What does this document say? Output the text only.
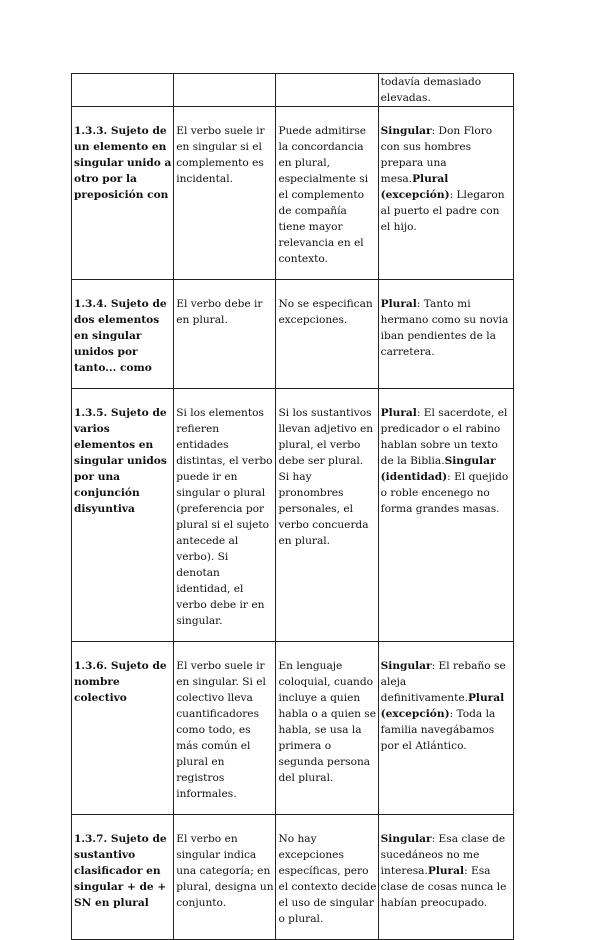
			todavía demasiado elevadas.
1.3.3. Sujeto de un elemento en singular unido a otro por la preposición con	El verbo suele ir en singular si el complemento es incidental.	Puede admitirse la concordancia en plural, especialmente si el complemento de compañía tiene mayor relevancia en el contexto.	Singular: Don Floro con sus hombres prepara una mesa.Plural (excepción): Llegaron al puerto el padre con el hijo.
1.3.4. Sujeto de dos elementos en singular unidos por tanto... como	El verbo debe ir en plural.	No se especifican excepciones.	Plural: Tanto mi hermano como su novia iban pendientes de la carretera.
1.3.5. Sujeto de varios elementos en singular unidos por una conjunción disyuntiva	Si los elementos refieren entidades distintas, el verbo puede ir en singular o plural (preferencia por plural si el sujeto antecede al verbo). Si denotan identidad, el verbo debe ir en singular.	Si los sustantivos llevan adjetivo en plural, el verbo debe ser plural. Si hay pronombres personales, el verbo concuerda en plural.	Plural: El sacerdote, el predicador o el rabino hablan sobre un texto de la Biblia.Singular (identidad): El quejido o roble encenego no forma grandes masas.
1.3.6. Sujeto de nombre colectivo	El verbo suele ir en singular. Si el colectivo lleva cuantificadores como todo, es más común el plural en registros informales.	En lenguaje coloquial, cuando incluye a quien habla o a quien se habla, se usa la primera o segunda persona del plural.	Singular: El rebaño se aleja definitivamente.Plural (excepción): Toda la familia navegábamos por el Atlántico.
1.3.7. Sujeto de sustantivo clasificador en singular + de + SN en plural	El verbo en singular indica una categoría; en plural, designa un conjunto.	No hay excepciones específicas, pero el contexto decide el uso de singular o plural.	Singular: Esa clase de sucedáneos no me interesa.Plural: Esa clase de cosas nunca le habían preocupado.
